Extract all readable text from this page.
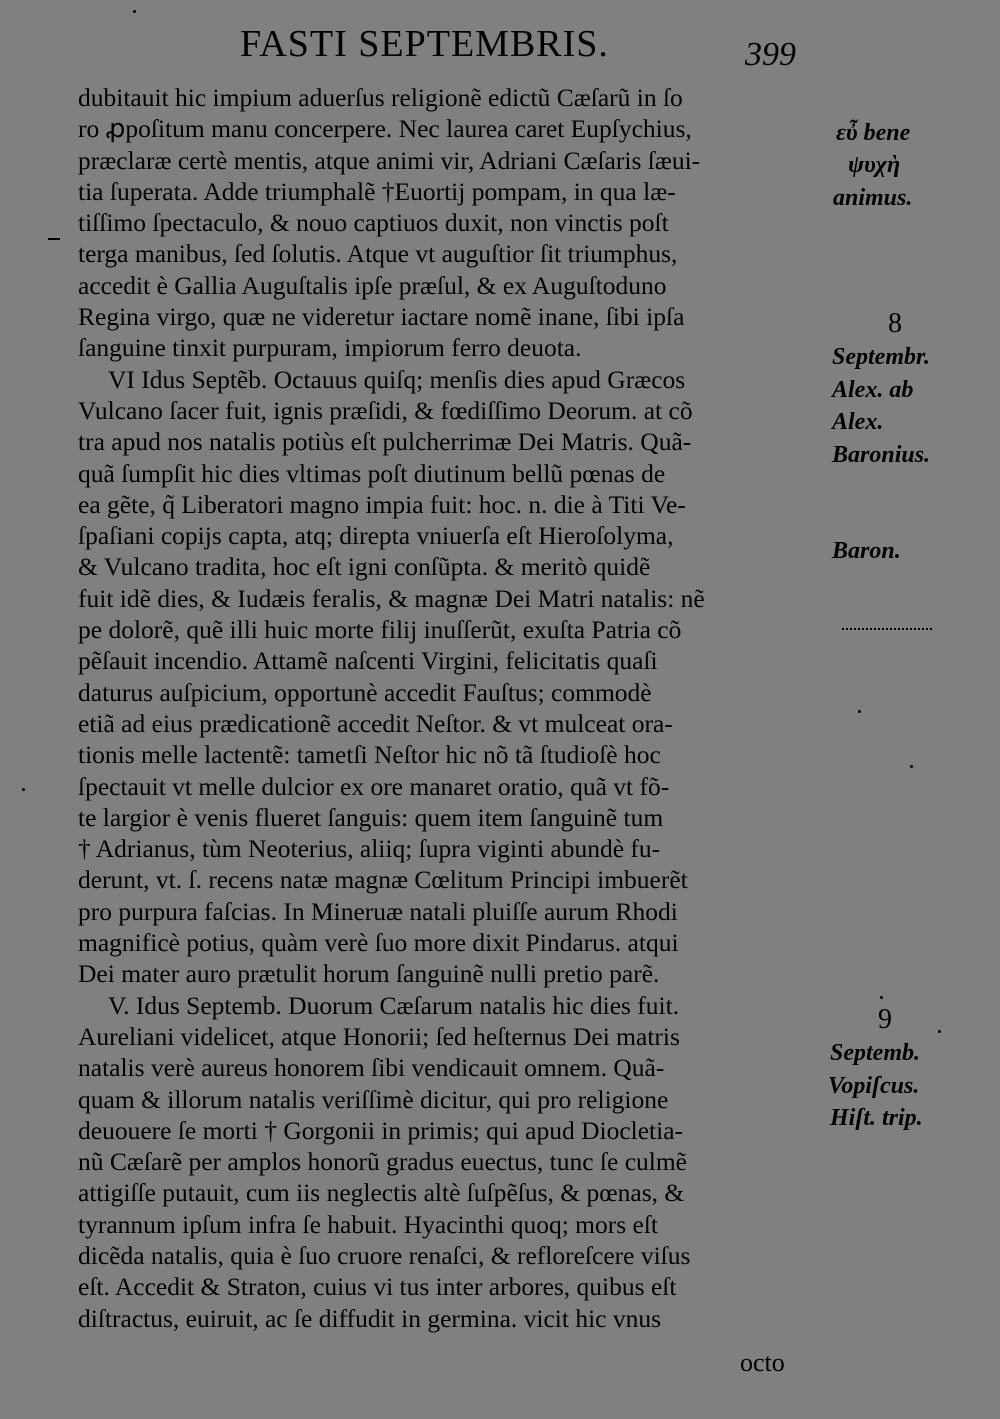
FASTI SEPTEMBRIS.	399
dubitauit hic impium aduerſus religionẽ edictũ Cæſarũ in ſo
ro ꝓpoſitum manu concerpere. Nec laurea caret Eupſychius,
præclaræ certè mentis, atque animi vir, Adriani Cæſaris ſæui-
tia ſuperata. Adde triumphalẽ †Euortij pompam, in qua læ-
tiſſimo ſpectaculo, & nouo captiuos duxit, non vinctis poſt
terga manibus, ſed ſolutis. Atque vt auguſtior ſit triumphus,
accedit è Gallia Auguſtalis ipſe præſul, & ex Auguſtoduno
Regina virgo, quæ ne videretur iactare nomẽ inane, ſibi ipſa
ſanguine tinxit purpuram, impiorum ferro deuota.
VI Idus Septẽb. Octauus quiſq; menſis dies apud Græcos
Vulcano ſacer fuit, ignis præſidi, & fœdiſſimo Deorum. at cõ
tra apud nos natalis potiùs eſt pulcherrimæ Dei Matris. Quã-
quã ſumpſit hic dies vltimas poſt diutinum bellũ pœnas de
ea gẽte, q̃ Liberatori magno impia fuit: hoc. n. die à Titi Ve-
ſpaſiani copijs capta, atq; direpta vniuerſa eſt Hieroſolyma,
& Vulcano tradita, hoc eſt igni conſũpta. & meritò quidẽ
fuit idẽ dies, & Iudæis feralis, & magnæ Dei Matri natalis: nẽ
pe dolorẽ, quẽ illi huic morte filij inuſſerũt, exuſta Patria cõ
pẽſauit incendio. Attamẽ naſcenti Virgini, felicitatis quaſi
daturus auſpicium, opportunè accedit Fauſtus; commodè
etiã ad eius prædicationẽ accedit Neſtor. & vt mulceat ora-
tionis melle lactentẽ: tametſi Neſtor hic nõ tã ſtudioſè hoc
ſpectauit vt melle dulcior ex ore manaret oratio, quã vt fõ-
te largior è venis flueret ſanguis: quem item ſanguinẽ tum
† Adrianus, tùm Neoterius, aliiq; ſupra viginti abundè fu-
derunt, vt. ſ. recens natæ magnæ Cœlitum Principi imbuerẽt
pro purpura faſcias. In Mineruæ natali pluiſſe aurum Rhodi
magnificè potius, quàm verè ſuo more dixit Pindarus. atqui
Dei mater auro prætulit horum ſanguinẽ nulli pretio parẽ.
V. Idus Septemb. Duorum Cæſarum natalis hic dies fuit.
Aureliani videlicet, atque Honorii; ſed heſternus Dei matris
natalis verè aureus honorem ſibi vendicauit omnem. Quã-
quam & illorum natalis veriſſimè dicitur, qui pro religione
deuouere ſe morti † Gorgonii in primis; qui apud Diocletia-
nũ Cæſarẽ per amplos honorũ gradus euectus, tunc ſe culmẽ
attigiſſe putauit, cum iis neglectis altè ſuſpẽſus, & pœnas, &
tyrannum ipſum infra ſe habuit. Hyacinthi quoq; mors eſt
dicẽda natalis, quia è ſuo cruore renaſci, & refloreſcere viſus
eſt. Accedit & Straton, cuius vi tus inter arbores, quibus eſt
diſtractus, euiruit, ac ſe diffudit in germina. vicit hic vnus
octo
εὖ bene
ψυχὴ
animus.
8
Septembr.
Alex. ab
Alex.
Baronius.
Baron.
9
Septemb.
Vopiſcus.
Hiſt. trip.
